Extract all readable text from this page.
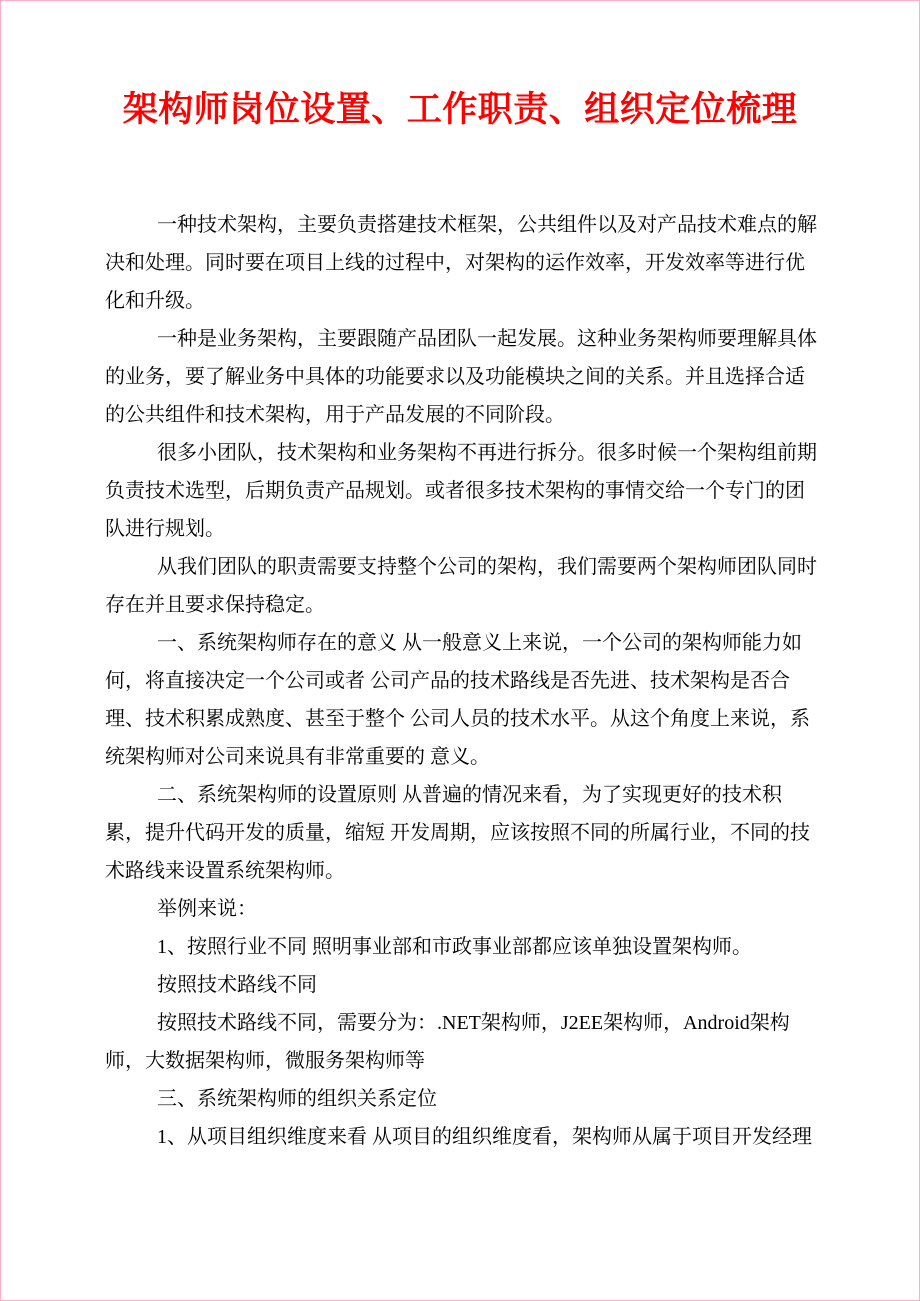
架构师岗位设置、工作职责、组织定位梳理

一种技术架构，主要负责搭建技术框架，公共组件以及对产品技术难点的解决和处理。同时要在项目上线的过程中，对架构的运作效率，开发效率等进行优化和升级。

一种是业务架构，主要跟随产品团队一起发展。这种业务架构师要理解具体的业务，要了解业务中具体的功能要求以及功能模块之间的关系。并且选择合适的公共组件和技术架构，用于产品发展的不同阶段。

很多小团队，技术架构和业务架构不再进行拆分。很多时候一个架构组前期负责技术选型，后期负责产品规划。或者很多技术架构的事情交给一个专门的团队进行规划。

从我们团队的职责需要支持整个公司的架构，我们需要两个架构师团队同时存在并且要求保持稳定。

一、系统架构师存在的意义 从一般意义上来说，一个公司的架构师能力如何，将直接决定一个公司或者 公司产品的技术路线是否先进、技术架构是否合理、技术积累成熟度、甚至于整个 公司人员的技术水平。从这个角度上来说，系统架构师对公司来说具有非常重要的 意义。

二、系统架构师的设置原则 从普遍的情况来看，为了实现更好的技术积累，提升代码开发的质量，缩短 开发周期，应该按照不同的所属行业，不同的技术路线来设置系统架构师。

举例来说：

1、按照行业不同 照明事业部和市政事业部都应该单独设置架构师。

按照技术路线不同

按照技术路线不同，需要分为：.NET架构师，J2EE架构师，Android架构师，大数据架构师，微服务架构师等

三、系统架构师的组织关系定位

1、从项目组织维度来看 从项目的组织维度看，架构师从属于项目开发经理
